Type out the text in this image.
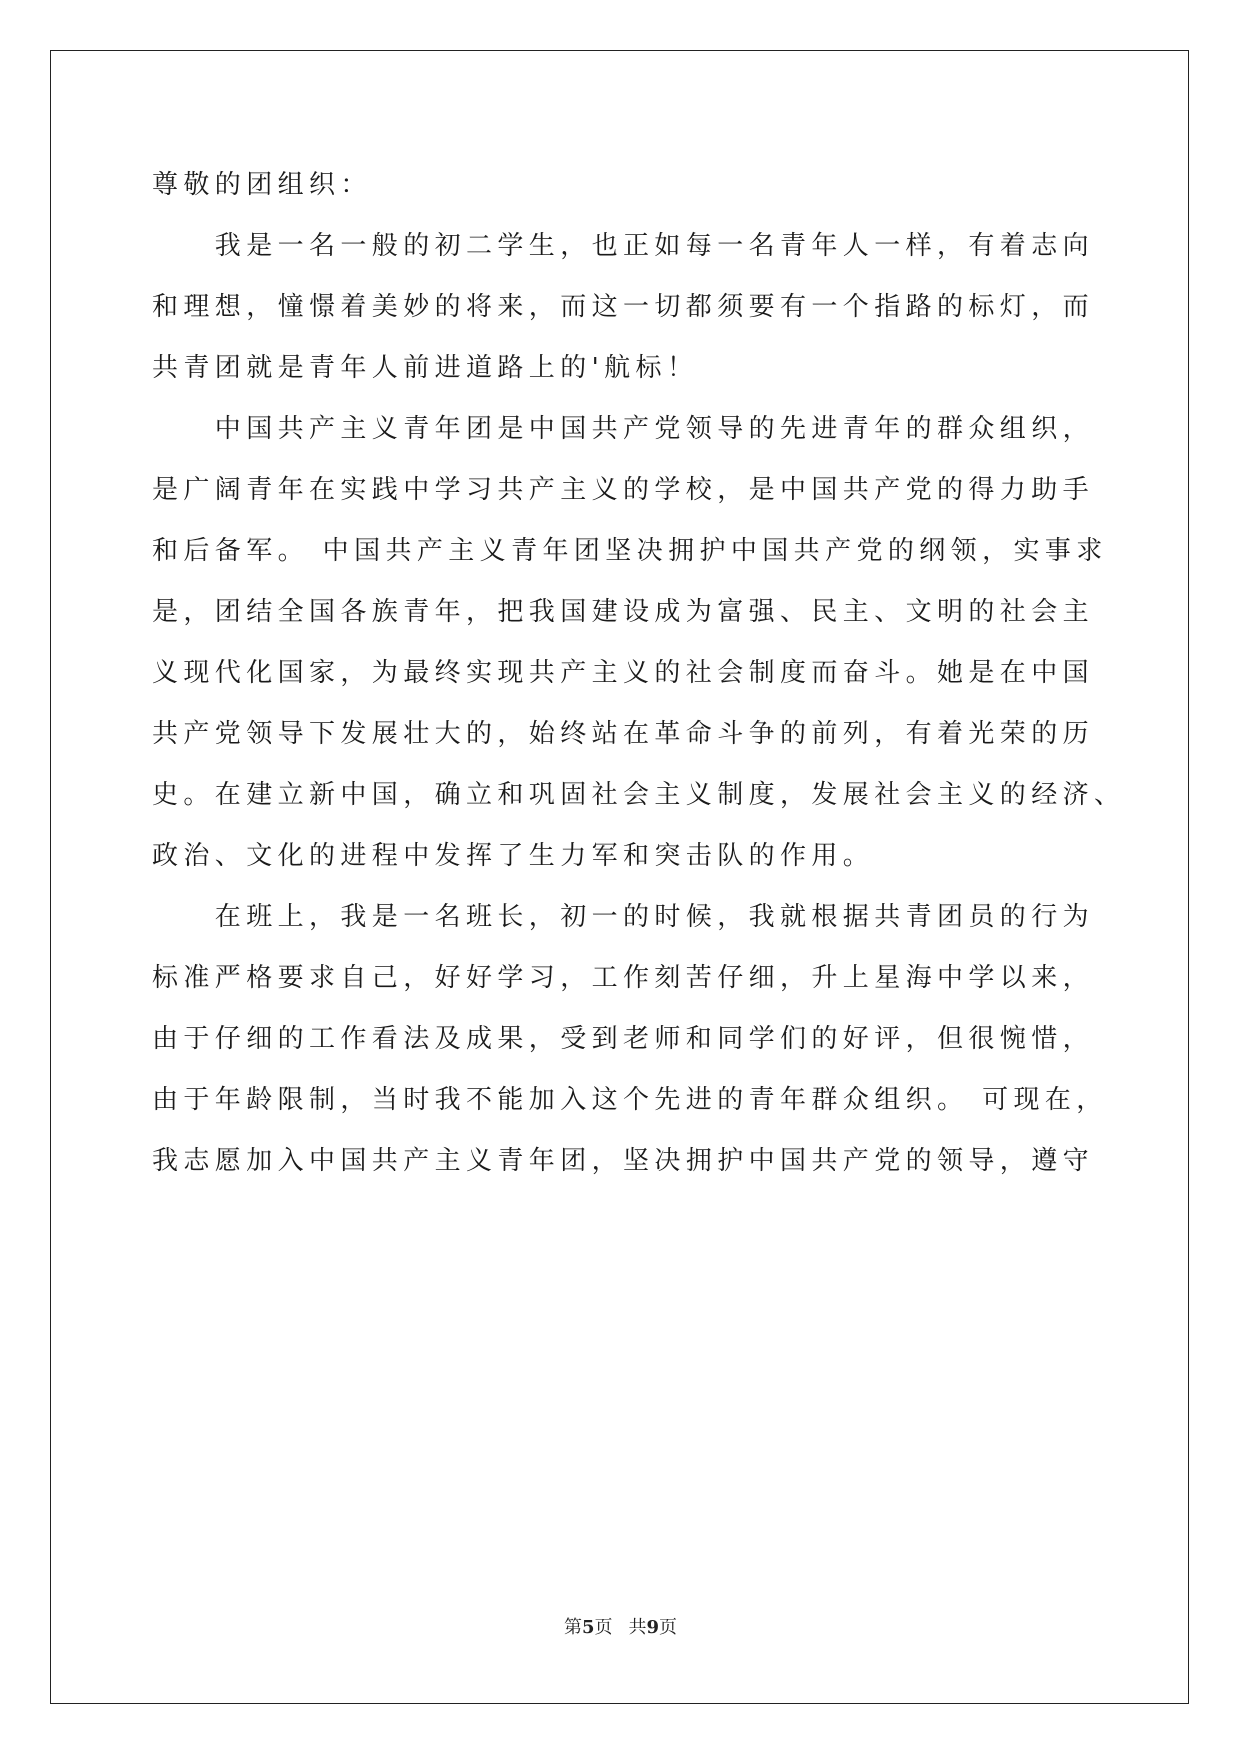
尊敬的团组织：
　　我是一名一般的初二学生，也正如每一名青年人一样，有着志向
和理想，憧憬着美妙的将来，而这一切都须要有一个指路的标灯，而
共青团就是青年人前进道路上的'航标！
　　中国共产主义青年团是中国共产党领导的先进青年的群众组织，
是广阔青年在实践中学习共产主义的学校，是中国共产党的得力助手
和后备军。 中国共产主义青年团坚决拥护中国共产党的纲领，实事求
是，团结全国各族青年，把我国建设成为富强、民主、文明的社会主
义现代化国家，为最终实现共产主义的社会制度而奋斗。她是在中国
共产党领导下发展壮大的，始终站在革命斗争的前列，有着光荣的历
史。在建立新中国，确立和巩固社会主义制度，发展社会主义的经济、
政治、文化的进程中发挥了生力军和突击队的作用。
　　在班上，我是一名班长，初一的时候，我就根据共青团员的行为
标准严格要求自己，好好学习，工作刻苦仔细，升上星海中学以来，
由于仔细的工作看法及成果，受到老师和同学们的好评，但很惋惜，
由于年龄限制，当时我不能加入这个先进的青年群众组织。 可现在，
我志愿加入中国共产主义青年团，坚决拥护中国共产党的领导，遵守
第5页 共9页
